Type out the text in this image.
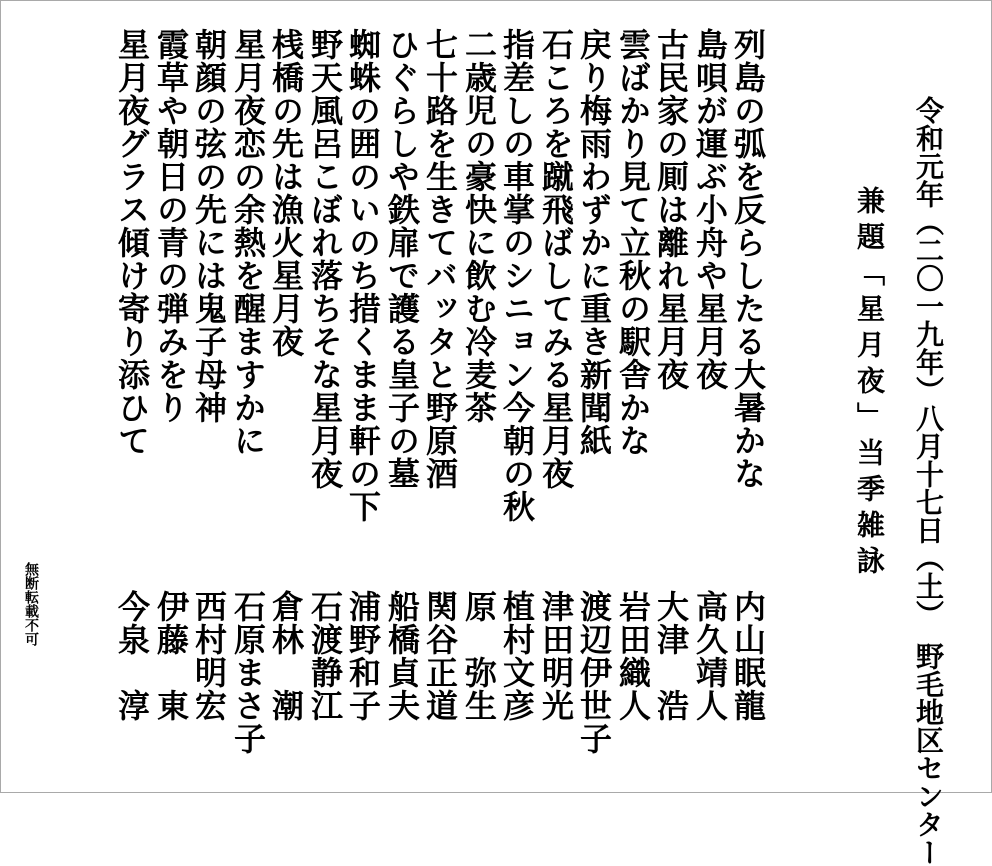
令和元年（二〇一九年）八月十七日（土）　野毛地区センター
兼題「星月夜」当季雑詠
列島の弧を反らしたる大暑かな
内山眠龍
島唄が運ぶ小舟や星月夜
高久靖人
古民家の厠は離れ星月夜
大津　浩
雲ばかり見て立秋の駅舎かな
岩田織人
戻り梅雨わずかに重き新聞紙
渡辺伊世子
石ころを蹴飛ばしてみる星月夜
津田明光
指差しの車掌のシニョン今朝の秋
植村文彦
二歳児の豪快に飲む冷麦茶
原　弥生
七十路を生きてバッタと野原酒
関谷正道
ひぐらしや鉄扉で護る皇子の墓
船橋貞夫
蜘蛛の囲のいのち措くまま軒の下
浦野和子
野天風呂こぼれ落ちそな星月夜
石渡静江
桟橋の先は漁火星月夜
倉林　潮
星月夜恋の余熱を醒ますかに
石原まさ子
朝顔の弦の先には鬼子母神
西村明宏
霞草や朝日の青の弾みをり
伊藤　東
星月夜グラス傾け寄り添ひて
今泉　淳
無断転載不可
